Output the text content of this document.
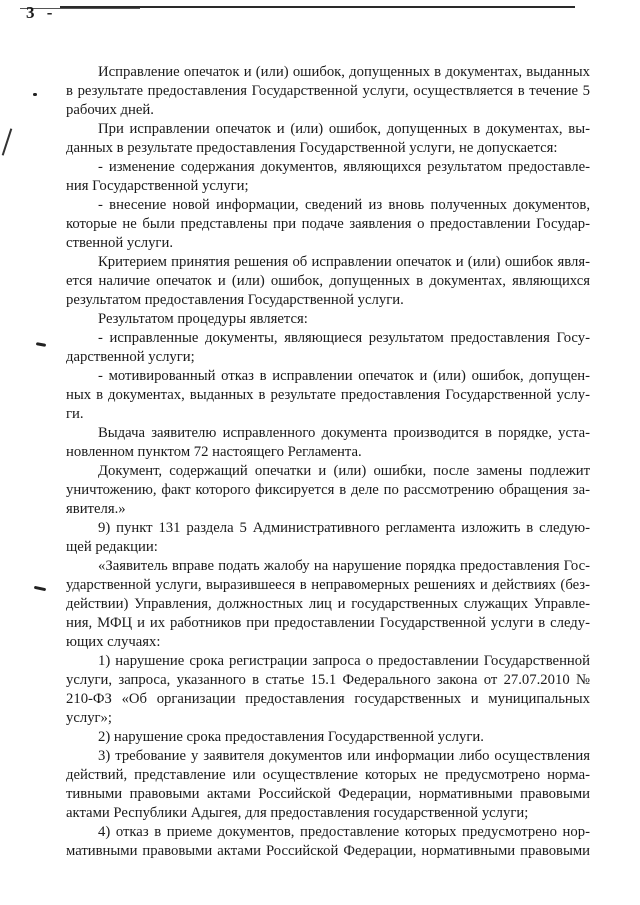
3 -
Исправление опечаток и (или) ошибок, допущенных в документах, выданных
в результате предоставления Государственной услуги, осуществляется в течение 5
рабочих дней.
При исправлении опечаток и (или) ошибок, допущенных в документах, вы-
данных в результате предоставления Государственной услуги, не допускается:
- изменение содержания документов, являющихся результатом предоставле-
ния Государственной услуги;
- внесение новой информации, сведений из вновь полученных документов,
которые не были представлены при подаче заявления о предоставлении Государ-
ственной услуги.
Критерием принятия решения об исправлении опечаток и (или) ошибок явля-
ется наличие опечаток и (или) ошибок, допущенных в документах, являющихся
результатом предоставления Государственной услуги.
Результатом процедуры является:
- исправленные документы, являющиеся результатом предоставления Госу-
дарственной услуги;
- мотивированный отказ в исправлении опечаток и (или) ошибок, допущен-
ных в документах, выданных в результате предоставления Государственной услу-
ги.
Выдача заявителю исправленного документа производится в порядке, уста-
новленном пунктом 72 настоящего Регламента.
Документ, содержащий опечатки и (или) ошибки, после замены подлежит
уничтожению, факт которого фиксируется в деле по рассмотрению обращения за-
явителя.»
9) пункт 131 раздела 5 Административного регламента изложить в следую-
щей редакции:
«Заявитель вправе подать жалобу на нарушение порядка предоставления Гос-
ударственной услуги, выразившееся в неправомерных решениях и действиях (без-
действии) Управления, должностных лиц и государственных служащих Управле-
ния, МФЦ и их работников при предоставлении Государственной услуги в следу-
ющих случаях:
1) нарушение срока регистрации запроса о предоставлении Государственной
услуги, запроса, указанного в статье 15.1 Федерального закона от 27.07.2010 №
210-ФЗ «Об организации предоставления государственных и муниципальных
услуг»;
2) нарушение срока предоставления Государственной услуги.
3) требование у заявителя документов или информации либо осуществления
действий, представление или осуществление которых не предусмотрено норма-
тивными правовыми актами Российской Федерации, нормативными правовыми
актами Республики Адыгея, для предоставления государственной услуги;
4) отказ в приеме документов, предоставление которых предусмотрено нор-
мативными правовыми актами Российской Федерации, нормативными правовыми
